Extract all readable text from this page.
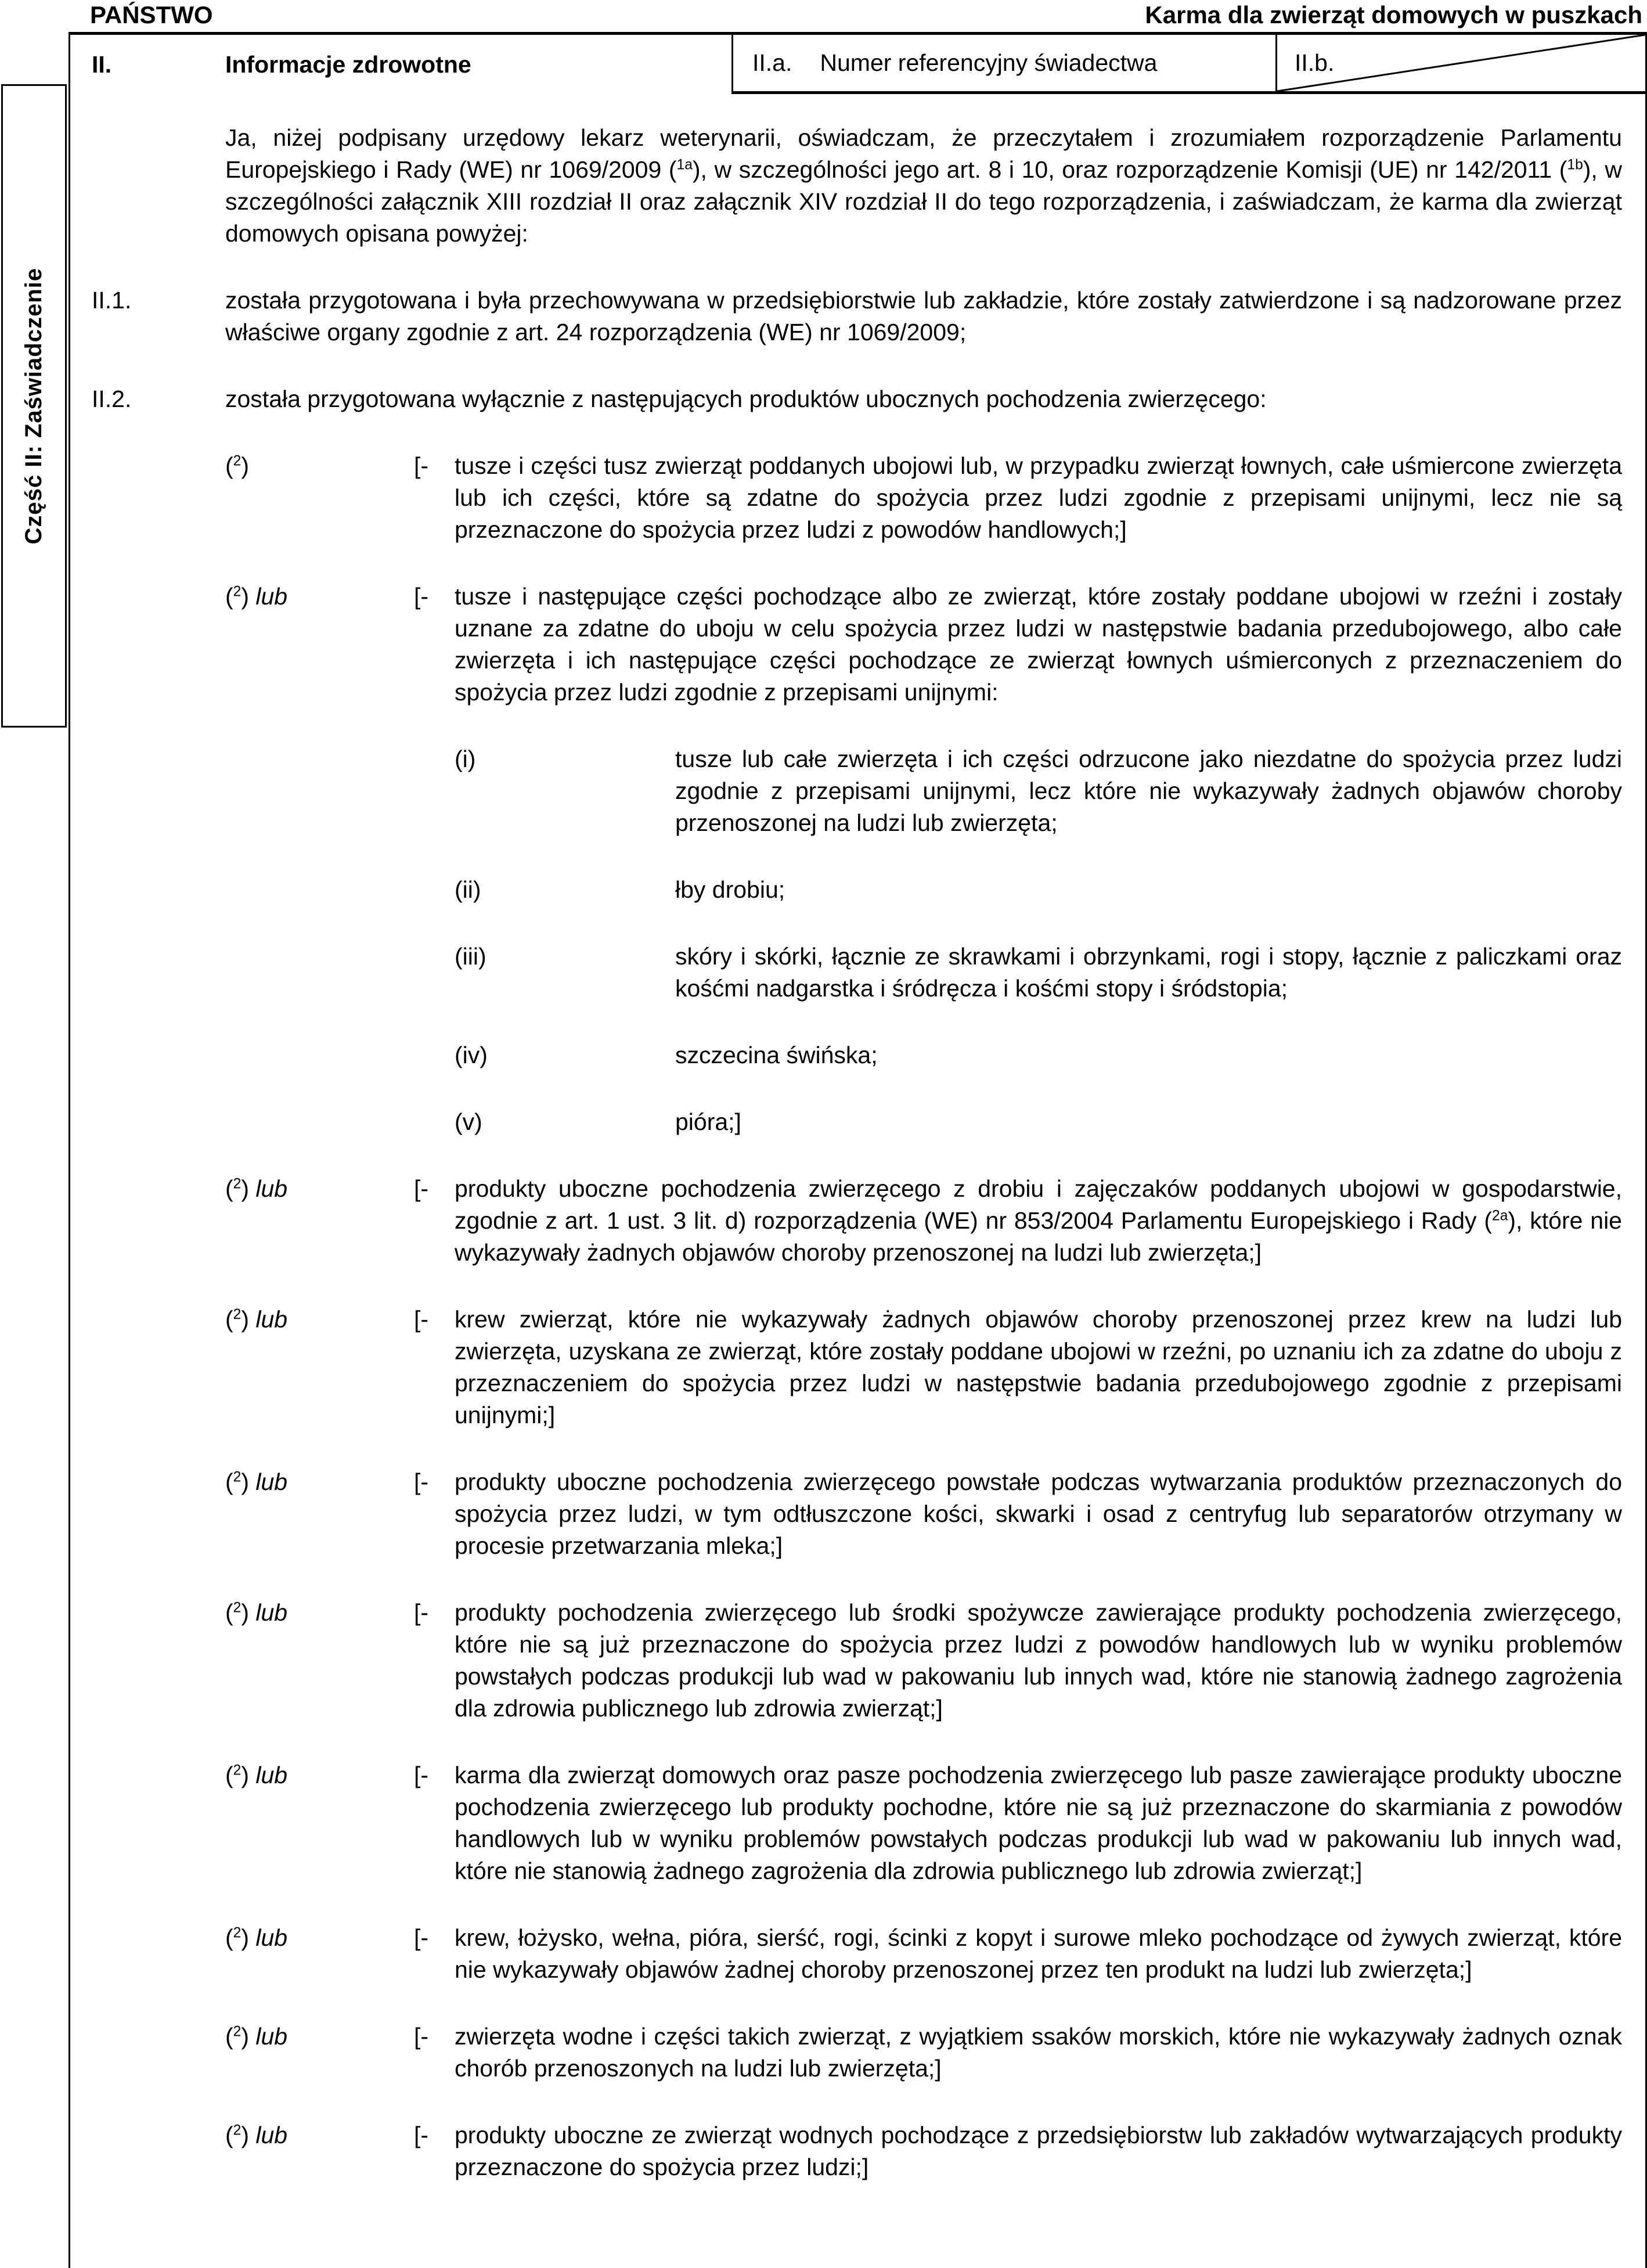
PAŃSTWO	Karma dla zwierząt domowych w puszkach
II.	Informacje zdrowotne	II.a. Numer referencyjny świadectwa	II.b.
Ja, niżej podpisany urzędowy lekarz weterynarii, oświadczam, że przeczytałem i zrozumiałem rozporządzenie Parlamentu Europejskiego i Rady (WE) nr 1069/2009 ($^{1a}$), w szczególności jego art. 8 i 10, oraz rozporządzenie Komisji (UE) nr 142/2011 ($^{1b}$), w szczególności załącznik XIII rozdział II oraz załącznik XIV rozdział II do tego rozporządzenia, i zaświadczam, że karma dla zwierząt domowych opisana powyżej:
II.1.	została przygotowana i była przechowywana w przedsiębiorstwie lub zakładzie, które zostały zatwierdzone i są nadzorowane przez właściwe organy zgodnie z art. 24 rozporządzenia (WE) nr 1069/2009;
II.2.	została przygotowana wyłącznie z następujących produktów ubocznych pochodzenia zwierzęcego:
($^2$)	[-	tusze i części tusz zwierząt poddanych ubojowi lub, w przypadku zwierząt łownych, całe uśmiercone zwierzęta lub ich części, które są zdatne do spożycia przez ludzi zgodnie z przepisami unijnymi, lecz nie są przeznaczone do spożycia przez ludzi z powodów handlowych;]
($^2$) lub	[-	tusze i następujące części pochodzące albo ze zwierząt, które zostały poddane ubojowi w rzeźni i zostały uznane za zdatne do uboju w celu spożycia przez ludzi w następstwie badania przedubojowego, albo całe zwierzęta i ich następujące części pochodzące ze zwierząt łownych uśmierconych z przeznaczeniem do spożycia przez ludzi zgodnie z przepisami unijnymi:
(i)	tusze lub całe zwierzęta i ich części odrzucone jako niezdatne do spożycia przez ludzi zgodnie z przepisami unijnymi, lecz które nie wykazywały żadnych objawów choroby przenoszonej na ludzi lub zwierzęta;
(ii)	łby drobiu;
(iii)	skóry i skórki, łącznie ze skrawkami i obrzynkami, rogi i stopy, łącznie z paliczkami oraz kośćmi nadgarstka i śródręcza i kośćmi stopy i śródstopia;
(iv)	szczecina świńska;
(v)	pióra;]
($^2$) lub	[-	produkty uboczne pochodzenia zwierzęcego z drobiu i zajęczaków poddanych ubojowi w gospodarstwie, zgodnie z art. 1 ust. 3 lit. d) rozporządzenia (WE) nr 853/2004 Parlamentu Europejskiego i Rady ($^{2a}$), które nie wykazywały żadnych objawów choroby przenoszonej na ludzi lub zwierzęta;]
($^2$) lub	[-	krew zwierząt, które nie wykazywały żadnych objawów choroby przenoszonej przez krew na ludzi lub zwierzęta, uzyskana ze zwierząt, które zostały poddane ubojowi w rzeźni, po uznaniu ich za zdatne do uboju z przeznaczeniem do spożycia przez ludzi w następstwie badania przedubojowego zgodnie z przepisami unijnymi;]
($^2$) lub	[-	produkty uboczne pochodzenia zwierzęcego powstałe podczas wytwarzania produktów przeznaczonych do spożycia przez ludzi, w tym odtłuszczone kości, skwarki i osad z centryfug lub separatorów otrzymany w procesie przetwarzania mleka;]
($^2$) lub	[-	produkty pochodzenia zwierzęcego lub środki spożywcze zawierające produkty pochodzenia zwierzęcego, które nie są już przeznaczone do spożycia przez ludzi z powodów handlowych lub w wyniku problemów powstałych podczas produkcji lub wad w pakowaniu lub innych wad, które nie stanowią żadnego zagrożenia dla zdrowia publicznego lub zdrowia zwierząt;]
($^2$) lub	[-	karma dla zwierząt domowych oraz pasze pochodzenia zwierzęcego lub pasze zawierające produkty uboczne pochodzenia zwierzęcego lub produkty pochodne, które nie są już przeznaczone do skarmiania z powodów handlowych lub w wyniku problemów powstałych podczas produkcji lub wad w pakowaniu lub innych wad, które nie stanowią żadnego zagrożenia dla zdrowia publicznego lub zdrowia zwierząt;]
($^2$) lub	[-	krew, łożysko, wełna, pióra, sierść, rogi, ścinki z kopyt i surowe mleko pochodzące od żywych zwierząt, które nie wykazywały objawów żadnej choroby przenoszonej przez ten produkt na ludzi lub zwierzęta;]
($^2$) lub	[-	zwierzęta wodne i części takich zwierząt, z wyjątkiem ssaków morskich, które nie wykazywały żadnych oznak chorób przenoszonych na ludzi lub zwierzęta;]
($^2$) lub	[-	produkty uboczne ze zwierząt wodnych pochodzące z przedsiębiorstw lub zakładów wytwarzających produkty przeznaczone do spożycia przez ludzi;]
Część II: Zaświadczenie
